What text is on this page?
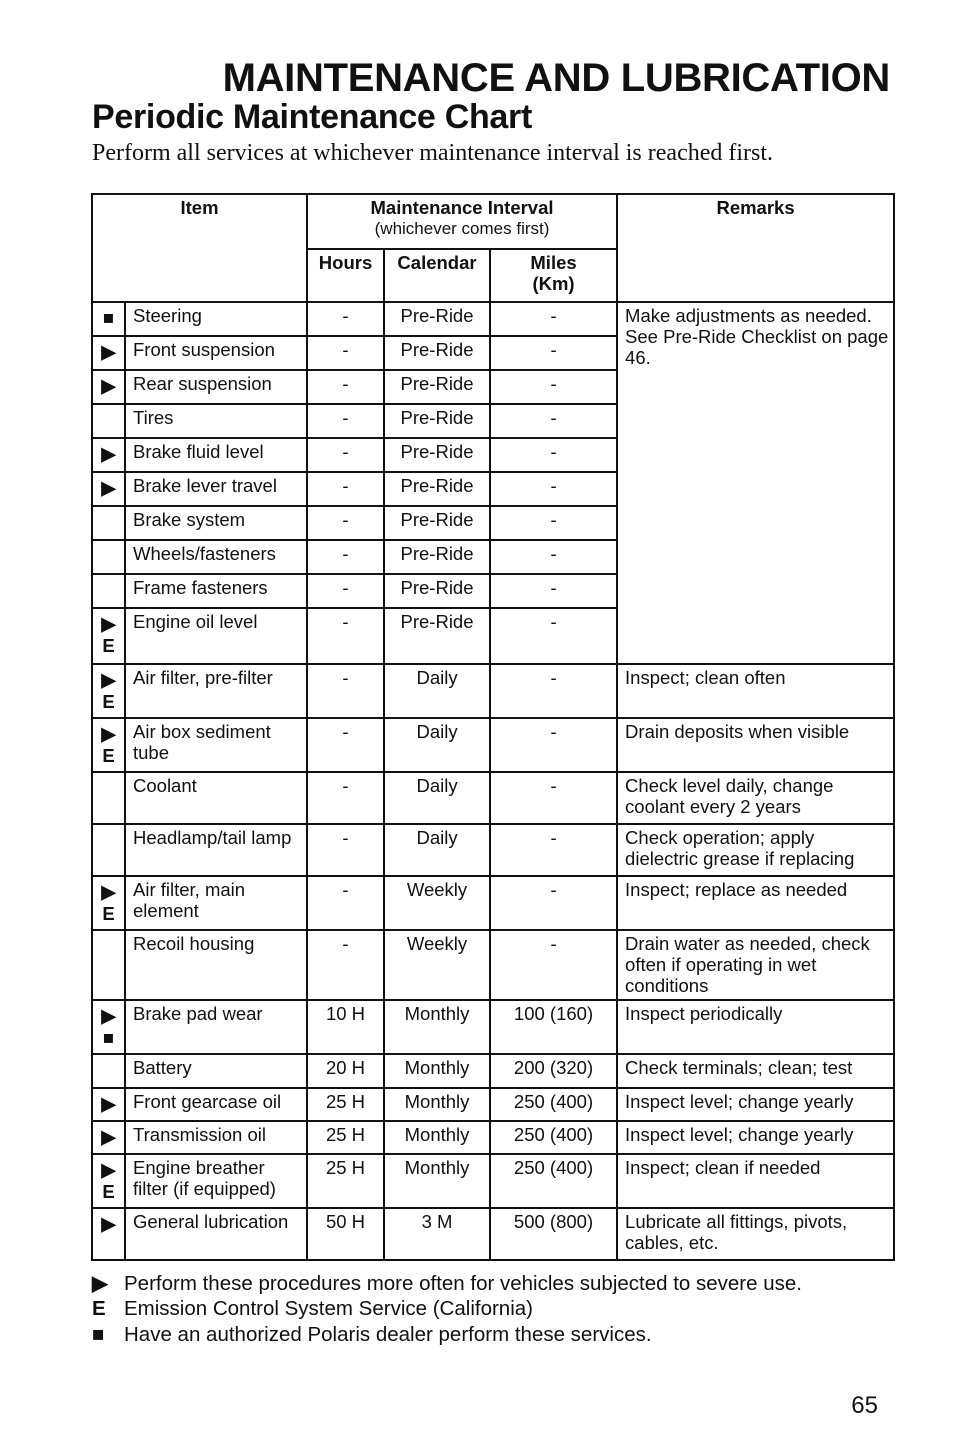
MAINTENANCE AND LUBRICATION
Periodic Maintenance Chart

Perform all services at whichever maintenance interval is reached first.

Item		Maintenance Interval
(whichever comes first)			Remarks
		Hours	Calendar	Miles
(Km)	

■	Steering	-	Pre-Ride	-	Make adjustments as needed. See Pre-Ride Checklist on page 46.

▶	Front suspension	-	Pre-Ride	-	

▶	Rear suspension	-	Pre-Ride	-	
	Tires	-	Pre-Ride	-	

▶	Brake fluid level	-	Pre-Ride	-	

▶	Brake lever travel	-	Pre-Ride	-	
	Brake system	-	Pre-Ride	-	
	Wheels/fasteners	-	Pre-Ride	-	
	Frame fasteners	-	Pre-Ride	-	

▶
E	Engine oil level	-	Pre-Ride	-	

▶
E	Air filter, pre-filter	-	Daily	-	Inspect; clean often

▶
E	Air box sediment tube	-	Daily	-	Drain deposits when visible
	Coolant	-	Daily	-	Check level daily, change coolant every 2 years
	Headlamp/tail lamp	-	Daily	-	Check operation; apply dielectric grease if replacing

▶
E	Air filter, main element	-	Weekly	-	Inspect; replace as needed
	Recoil housing	-	Weekly	-	Drain water as needed, check often if operating in wet conditions

▶
■	Brake pad wear	10 H	Monthly	100 (160)	Inspect periodically
	Battery	20 H	Monthly	200 (320)	Check terminals; clean; test

▶	Front gearcase oil	25 H	Monthly	250 (400)	Inspect level; change yearly

▶	Transmission oil	25 H	Monthly	250 (400)	Inspect level; change yearly

▶
E	Engine breather filter (if equipped)	25 H	Monthly	250 (400)	Inspect; clean if needed

▶	General lubrication	50 H	3 M	500 (800)	Lubricate all fittings, pivots, cables, etc.
▶ Perform these procedures more often for vehicles subjected to severe use.
E Emission Control System Service (California)
■ Have an authorized Polaris dealer perform these services.
65
